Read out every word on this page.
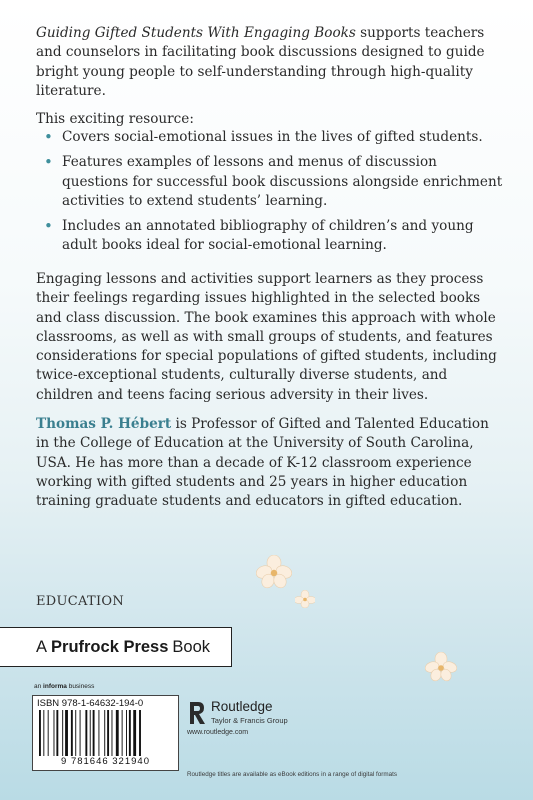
Guiding Gifted Students With Engaging Books supports teachers and counselors in facilitating book discussions designed to guide bright young people to self-understanding through high-quality literature.
This exciting resource:
• Covers social-emotional issues in the lives of gifted students.
• Features examples of lessons and menus of discussion questions for successful book discussions alongside enrichment activities to extend students’ learning.
• Includes an annotated bibliography of children’s and young adult books ideal for social-emotional learning.
Engaging lessons and activities support learners as they process their feelings regarding issues highlighted in the selected books and class discussion. The book examines this approach with whole classrooms, as well as with small groups of students, and features considerations for special populations of gifted students, including twice-exceptional students, culturally diverse students, and children and teens facing serious adversity in their lives.
Thomas P. Hébert is Professor of Gifted and Talented Education in the College of Education at the University of South Carolina, USA. He has more than a decade of K-12 classroom experience working with gifted students and 25 years in higher education training graduate students and educators in gifted education.
EDUCATION
A Prufrock Press Book
an informa business
ISBN 978-1-64632-194-0
9 781646 321940
Routledge
Taylor & Francis Group
www.routledge.com
Routledge titles are available as eBook editions in a range of digital formats
